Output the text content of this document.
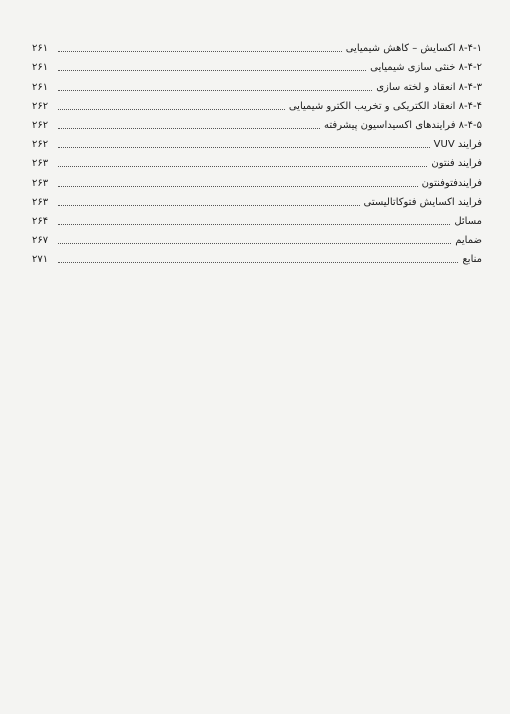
۸-۴-۱ اکسایش – کاهش شیمیایی
۲۶۱
۸-۴-۲ خنثی سازی شیمیایی
۲۶۱
۸-۴-۳ انعقاد و لخته سازی
۲۶۱
۸-۴-۴ انعقاد الکتریکی و تخریب الکترو شیمیایی
۲۶۲
۸-۴-۵ فرایندهای اکسیداسیون پیشرفته
۲۶۲
فرایند VUV
۲۶۲
فرایند فنتون
۲۶۳
فرایندفتوفنتون
۲۶۳
فرایند اکسایش فتوکاتالیستی
۲۶۳
مسائل
۲۶۴
ضمایم
۲۶۷
منابع
۲۷۱
